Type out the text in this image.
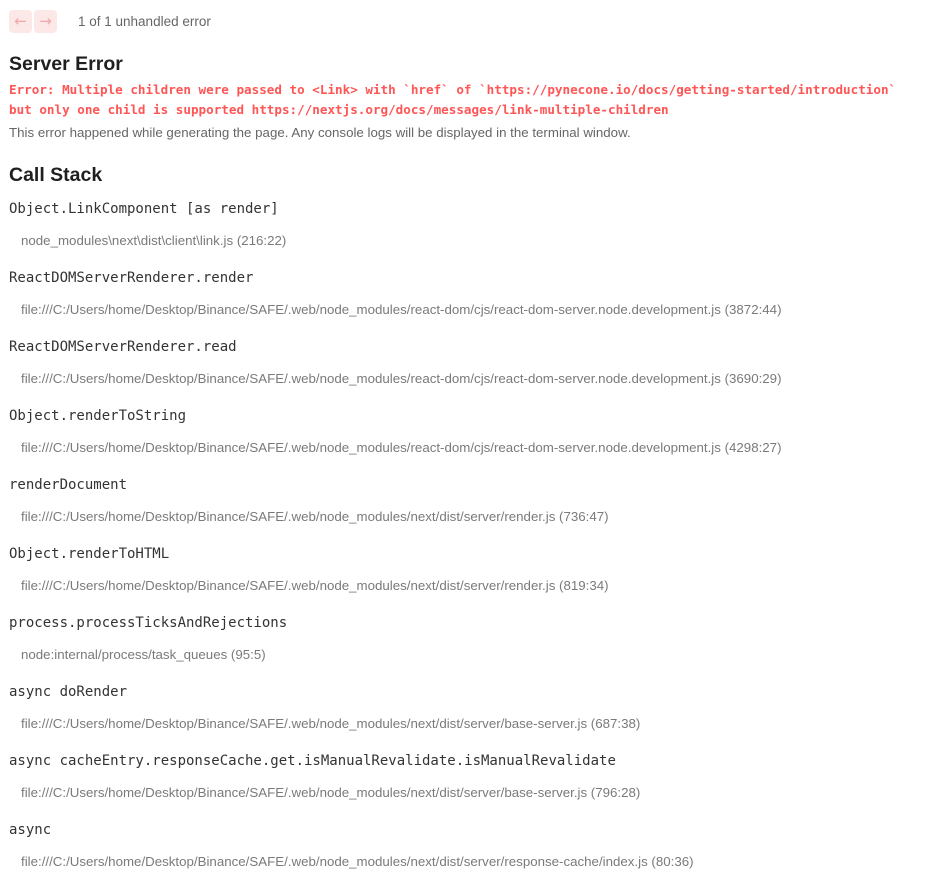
← → 1 of 1 unhandled error
Server Error
Error: Multiple children were passed to <Link> with `href` of `https://pynecone.io/docs/getting-started/introduction`
but only one child is supported https://nextjs.org/docs/messages/link-multiple-children

This error happened while generating the page. Any console logs will be displayed in the terminal window.

Call Stack
Object.LinkComponent [as render]
node_modules\next\dist\client\link.js (216:22)
ReactDOMServerRenderer.render
file:///C:/Users/home/Desktop/Binance/SAFE/.web/node_modules/react-dom/cjs/react-dom-server.node.development.js (3872:44)
ReactDOMServerRenderer.read
file:///C:/Users/home/Desktop/Binance/SAFE/.web/node_modules/react-dom/cjs/react-dom-server.node.development.js (3690:29)
Object.renderToString
file:///C:/Users/home/Desktop/Binance/SAFE/.web/node_modules/react-dom/cjs/react-dom-server.node.development.js (4298:27)
renderDocument
file:///C:/Users/home/Desktop/Binance/SAFE/.web/node_modules/next/dist/server/render.js (736:47)
Object.renderToHTML
file:///C:/Users/home/Desktop/Binance/SAFE/.web/node_modules/next/dist/server/render.js (819:34)
process.processTicksAndRejections
node:internal/process/task_queues (95:5)
async doRender
file:///C:/Users/home/Desktop/Binance/SAFE/.web/node_modules/next/dist/server/base-server.js (687:38)
async cacheEntry.responseCache.get.isManualRevalidate.isManualRevalidate
file:///C:/Users/home/Desktop/Binance/SAFE/.web/node_modules/next/dist/server/base-server.js (796:28)
async
file:///C:/Users/home/Desktop/Binance/SAFE/.web/node_modules/next/dist/server/response-cache/index.js (80:36)
